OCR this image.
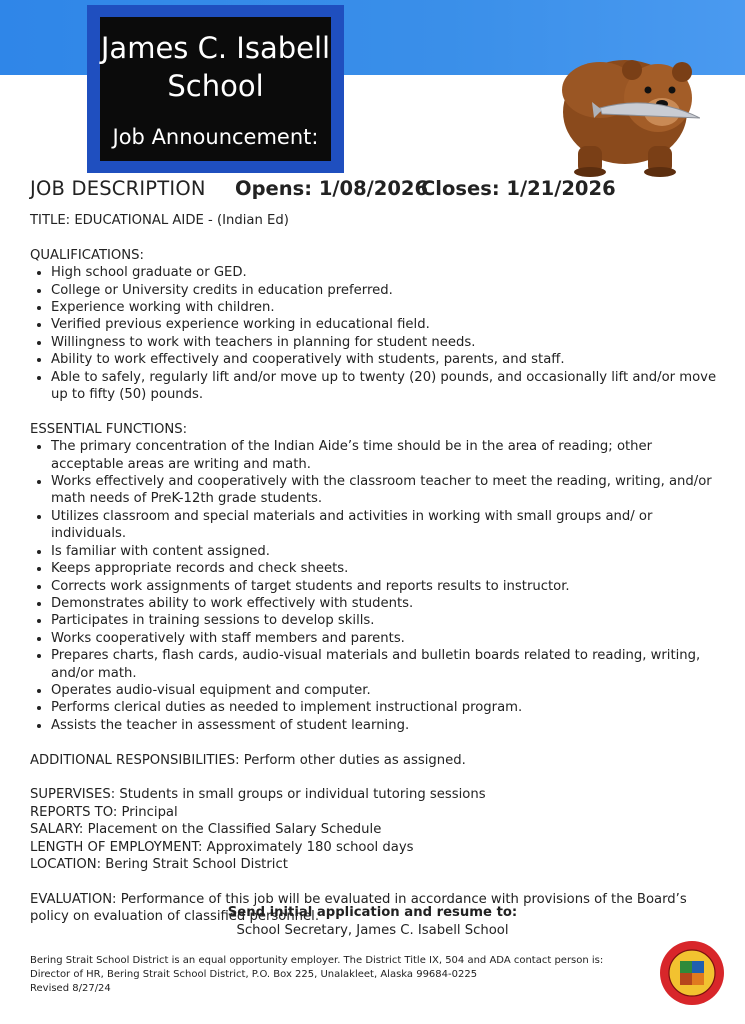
James C. Isabell
School
Job Announcement:
JOB DESCRIPTION Opens: 1/08/2026
Closes: 1/21/2026

TITLE: EDUCATIONAL AIDE - (Indian Ed)

QUALIFICATIONS:

• High school graduate or GED.
• College or University credits in education preferred.
• Experience working with children.
• Verified previous experience working in educational field.
• Willingness to work with teachers in planning for student needs.
• Ability to work effectively and cooperatively with students, parents, and staff.
• Able to safely, regularly lift and/or move up to twenty (20) pounds, and occasionally lift and/or move up to fifty (50) pounds.

ESSENTIAL FUNCTIONS:

• The primary concentration of the Indian Aide’s time should be in the area of reading; other acceptable areas are writing and math.
• Works effectively and cooperatively with the classroom teacher to meet the reading, writing, and/or math needs of PreK-12th grade students.
• Utilizes classroom and special materials and activities in working with small groups and/ or individuals.
• Is familiar with content assigned.
• Keeps appropriate records and check sheets.
• Corrects work assignments of target students and reports results to instructor.
• Demonstrates ability to work effectively with students.
• Participates in training sessions to develop skills.
• Works cooperatively with staff members and parents.
• Prepares charts, flash cards, audio-visual materials and bulletin boards related to reading, writing, and/or math.
• Operates audio-visual equipment and computer.
• Performs clerical duties as needed to implement instructional program.
• Assists the teacher in assessment of student learning.

ADDITIONAL RESPONSIBILITIES: Perform other duties as assigned.

SUPERVISES: Students in small groups or individual tutoring sessions

REPORTS TO: Principal

SALARY: Placement on the Classified Salary Schedule

LENGTH OF EMPLOYMENT: Approximately 180 school days

LOCATION: Bering Strait School District

EVALUATION: Performance of this job will be evaluated in accordance with provisions of the Board’s policy on evaluation of classified personnel.

Send initial application and resume to:
School Secretary, James C. Isabell School
Bering Strait School District is an equal opportunity employer. The District Title IX, 504 and ADA contact person is:
Director of HR, Bering Strait School District, P.O. Box 225, Unalakleet, Alaska 99684-0225
Revised 8/27/24
